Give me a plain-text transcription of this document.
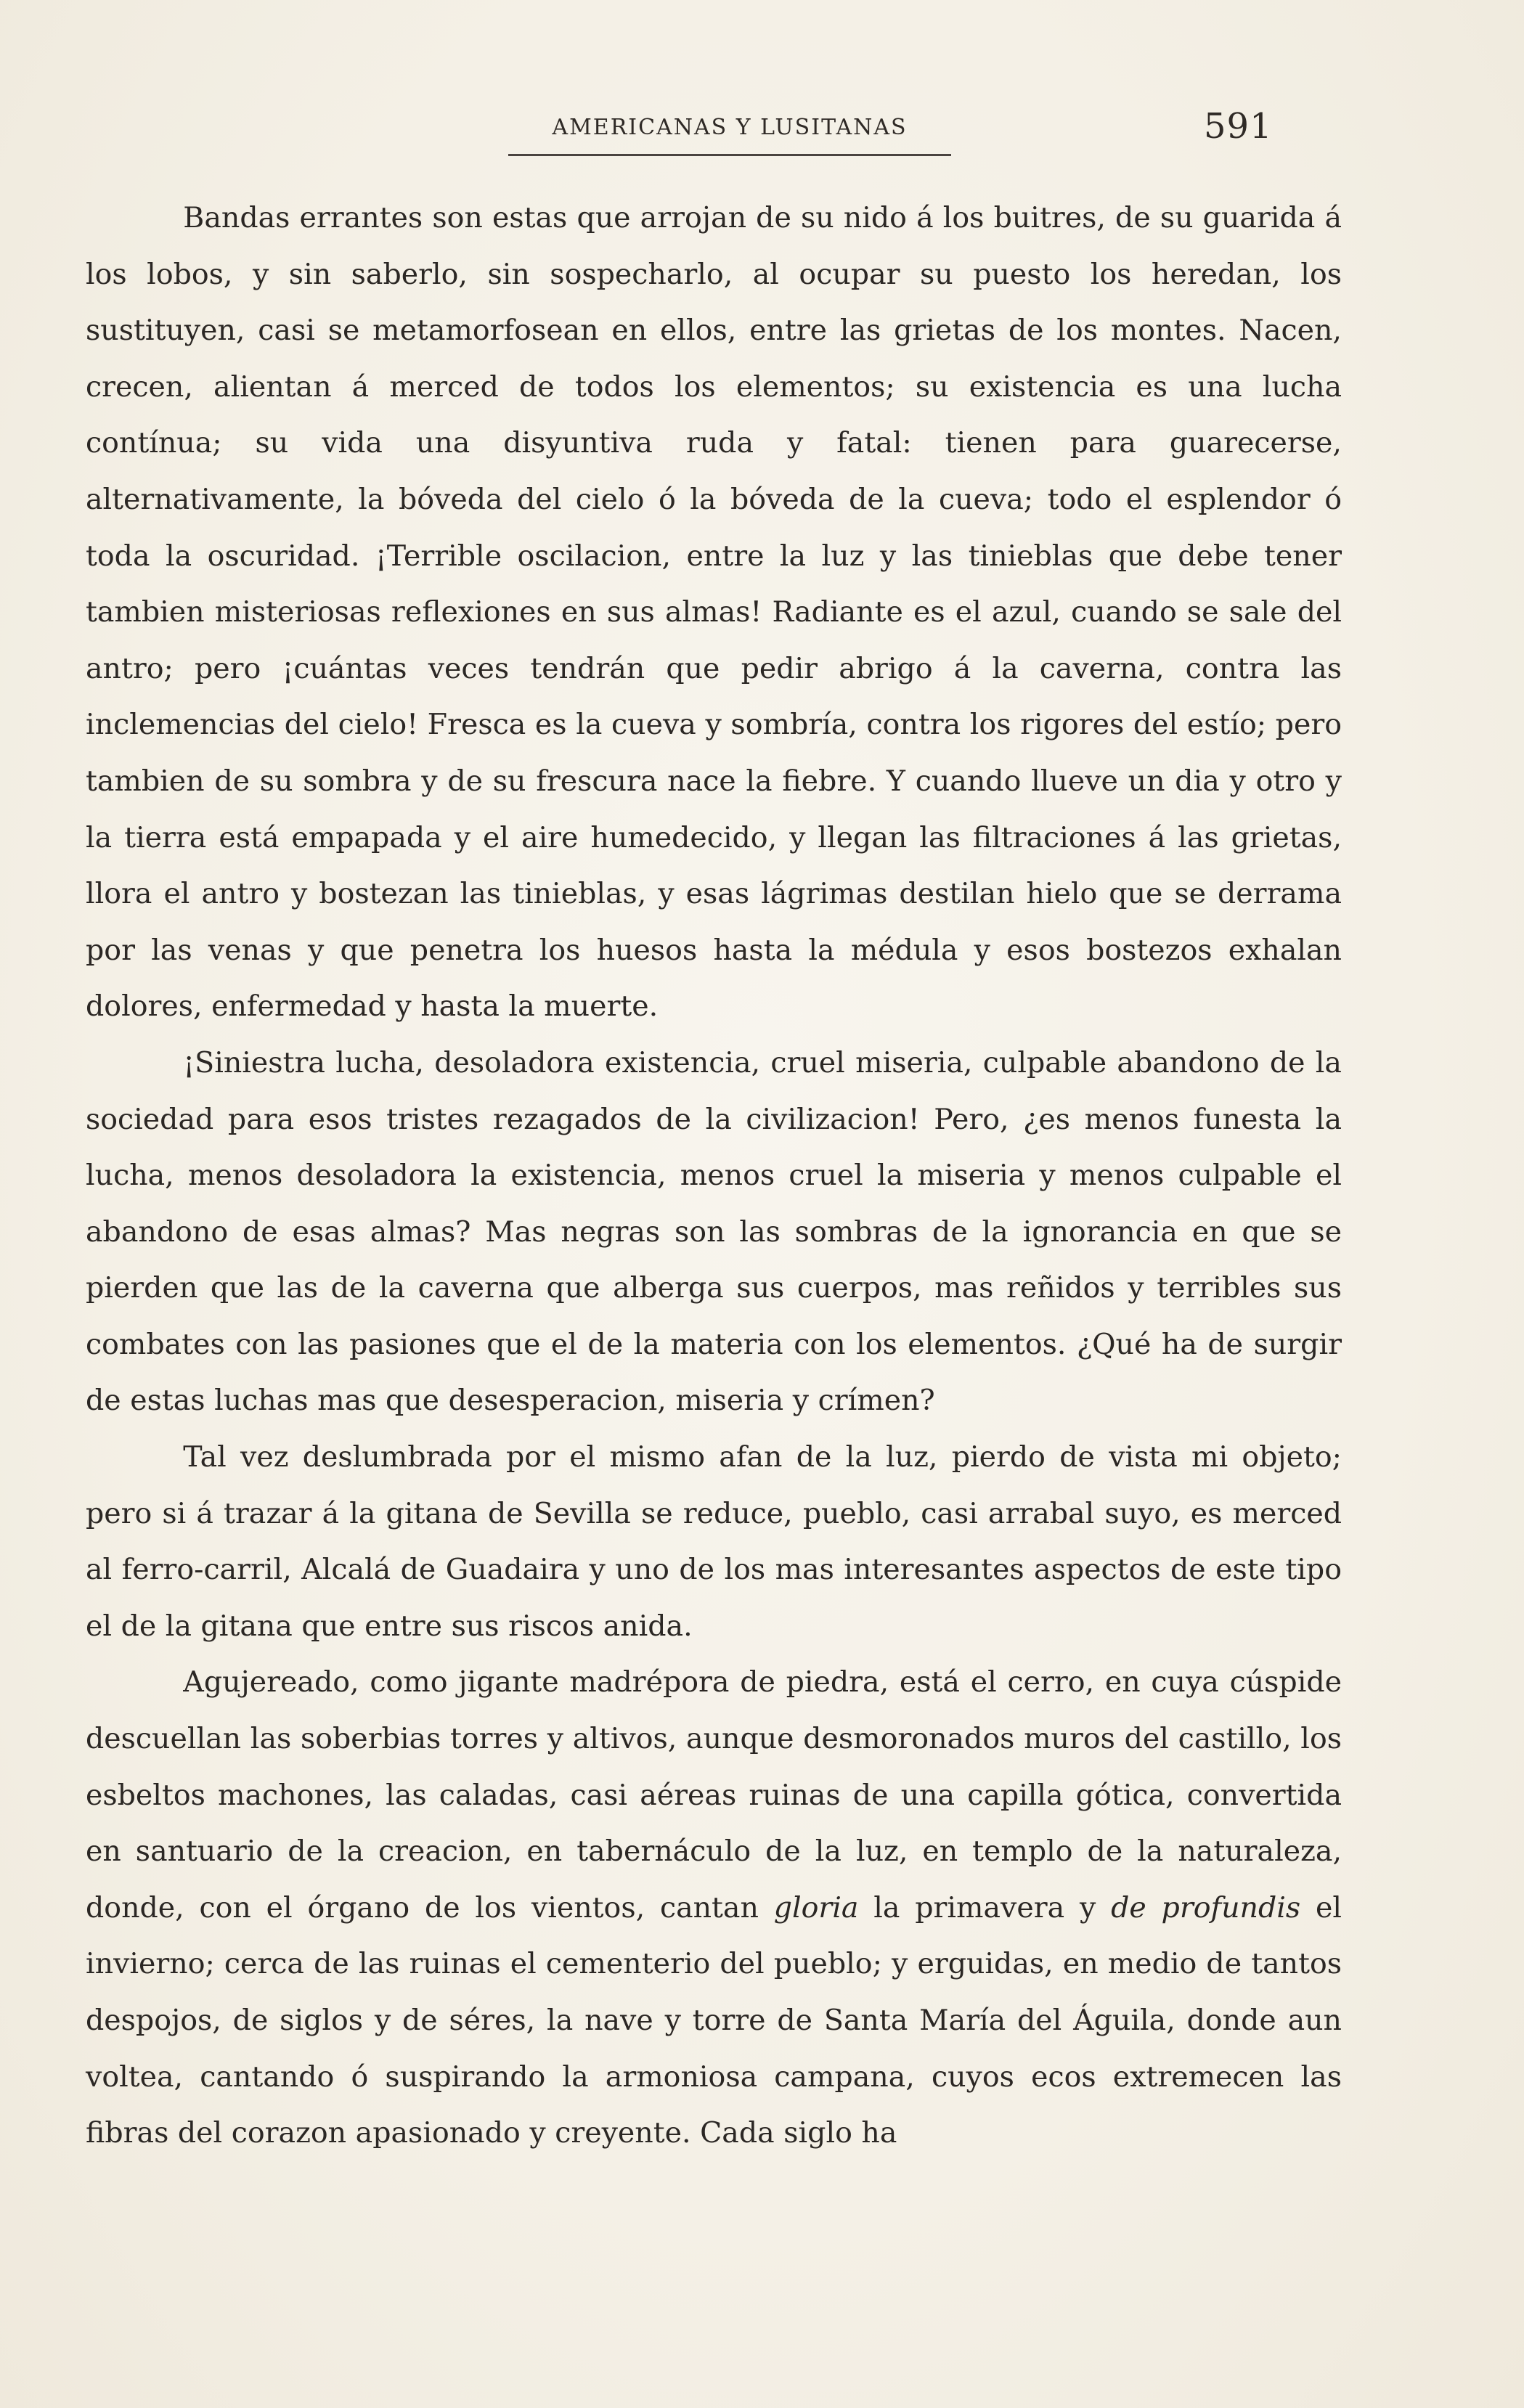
AMERICANAS Y LUSITANAS	591

Bandas errantes son estas que arrojan de su nido á los buitres, de su guarida á los lobos, y sin saberlo, sin sospecharlo, al ocupar su puesto los heredan, los sustituyen, casi se metamorfosean en ellos, entre las grietas de los montes. Nacen, crecen, alientan á merced de todos los elementos; su existencia es una lucha contínua; su vida una disyuntiva ruda y fatal: tienen para guarecerse, alternativamente, la bóveda del cielo ó la bóveda de la cueva; todo el esplendor ó toda la oscuridad. ¡Terrible oscilacion, entre la luz y las tinieblas que debe tener tambien misteriosas reflexiones en sus almas! Radiante es el azul, cuando se sale del antro; pero ¡cuántas veces tendrán que pedir abrigo á la caverna, contra las inclemencias del cielo! Fresca es la cueva y sombría, contra los rigores del estío; pero tambien de su sombra y de su frescura nace la fiebre. Y cuando llueve un dia y otro y la tierra está empapada y el aire humedecido, y llegan las filtraciones á las grietas, llora el antro y bostezan las tinieblas, y esas lágrimas destilan hielo que se derrama por las venas y que penetra los huesos hasta la médula y esos bostezos exhalan dolores, enfermedad y hasta la muerte.

¡Siniestra lucha, desoladora existencia, cruel miseria, culpable abandono de la sociedad para esos tristes rezagados de la civilizacion! Pero, ¿es menos funesta la lucha, menos desoladora la existencia, menos cruel la miseria y menos culpable el abandono de esas almas? Mas negras son las sombras de la ignorancia en que se pierden que las de la caverna que alberga sus cuerpos, mas reñidos y terribles sus combates con las pasiones que el de la materia con los elementos. ¿Qué ha de surgir de estas luchas mas que desesperacion, miseria y crímen?

Tal vez deslumbrada por el mismo afan de la luz, pierdo de vista mi objeto; pero si á trazar á la gitana de Sevilla se reduce, pueblo, casi arrabal suyo, es merced al ferro-carril, Alcalá de Guadaira y uno de los mas interesantes aspectos de este tipo el de la gitana que entre sus riscos anida.

Agujereado, como jigante madrépora de piedra, está el cerro, en cuya cúspide descuellan las soberbias torres y altivos, aunque desmoronados muros del castillo, los esbeltos machones, las caladas, casi aéreas ruinas de una capilla gótica, convertida en santuario de la creacion, en tabernáculo de la luz, en templo de la naturaleza, donde, con el órgano de los vientos, cantan gloria la primavera y de profundis el invierno; cerca de las ruinas el cementerio del pueblo; y erguidas, en medio de tantos despojos, de siglos y de séres, la nave y torre de Santa María del Águila, donde aun voltea, cantando ó suspirando la armoniosa campana, cuyos ecos extremecen las fibras del corazon apasionado y creyente. Cada siglo ha
